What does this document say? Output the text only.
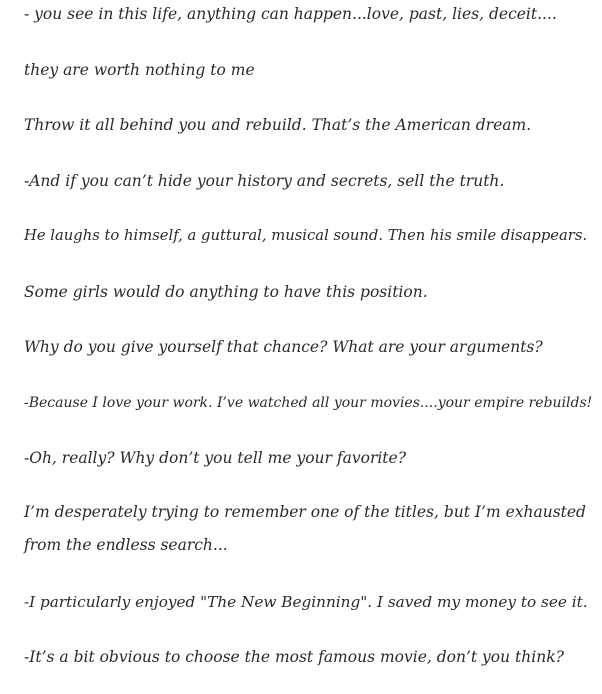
- you see in this life, anything can happen...love, past, lies, deceit....

they are worth nothing to me

Throw it all behind you and rebuild. That’s the American dream.

-And if you can’t hide your history and secrets, sell the truth.

He laughs to himself, a guttural, musical sound. Then his smile disappears.

Some girls would do anything to have this position.

Why do you give yourself that chance? What are your arguments?

-Because I love your work. I’ve watched all your movies....your empire rebuilds!

-Oh, really? Why don’t you tell me your favorite?

I’m desperately trying to remember one of the titles, but I’m exhausted from the endless search...

-I particularly enjoyed "The New Beginning". I saved my money to see it.

-It’s a bit obvious to choose the most famous movie, don’t you think?
